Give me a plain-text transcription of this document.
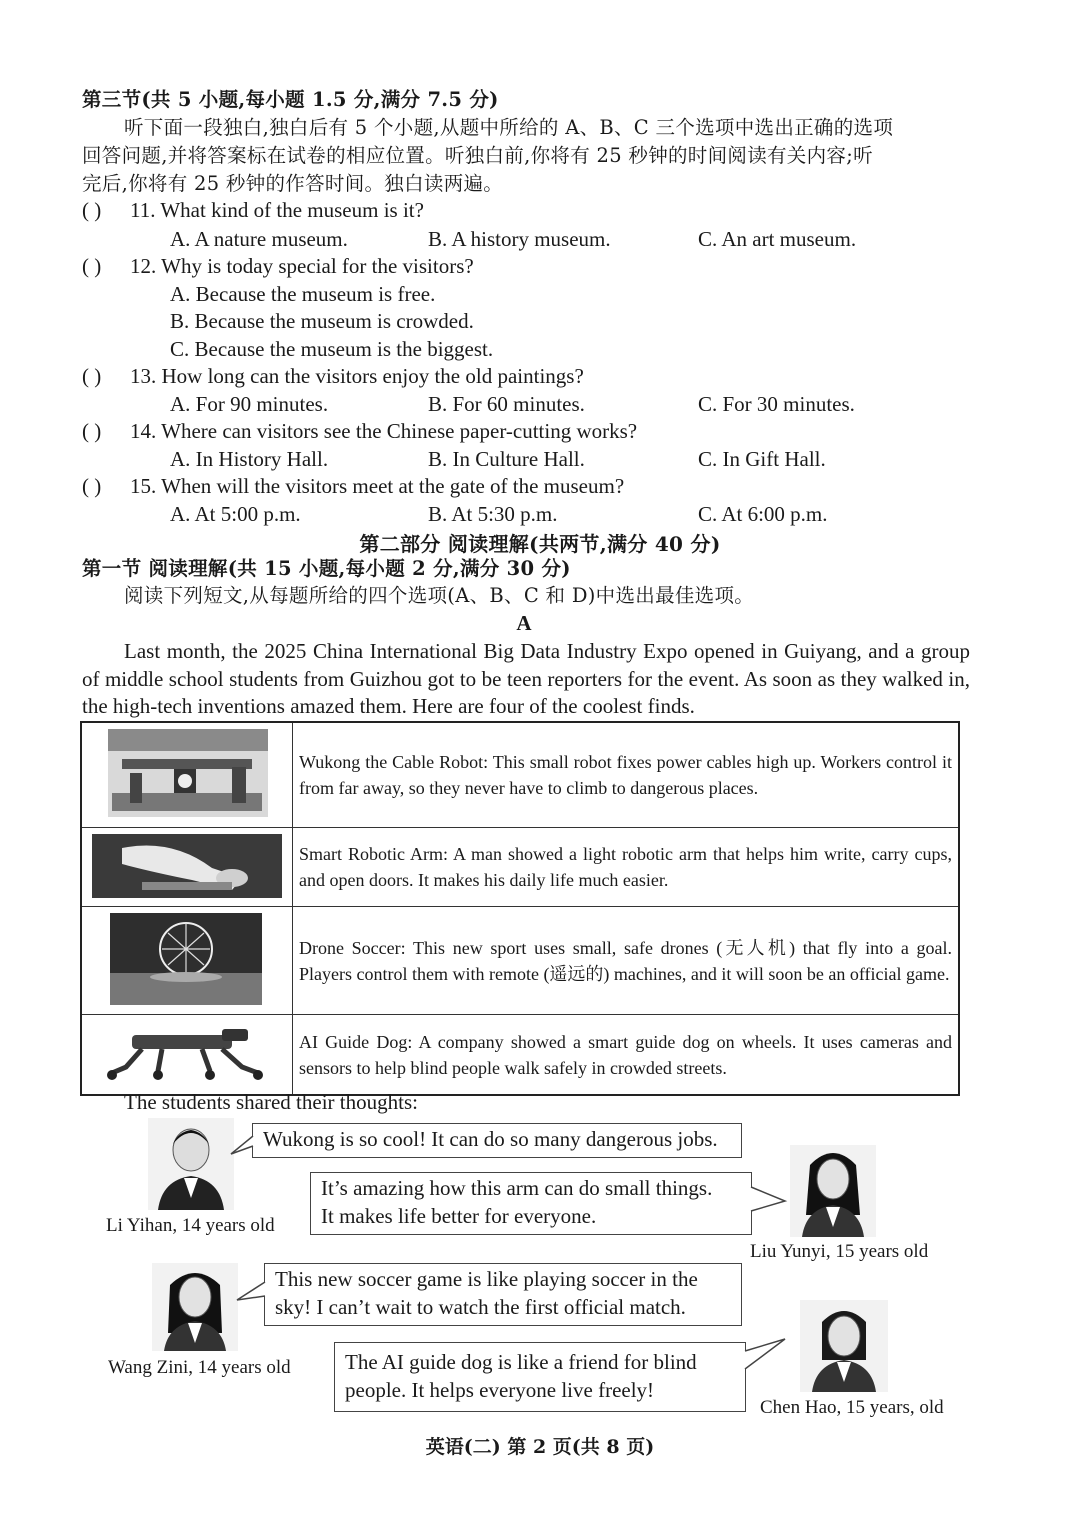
第三节(共 5 小题,每小题 1.5 分,满分 7.5 分)
听下面一段独白,独白后有 5 个小题,从题中所给的 A、B、C 三个选项中选出正确的选项
回答问题,并将答案标在试卷的相应位置。听独白前,你将有 25 秒钟的时间阅读有关内容;听
完后,你将有 25 秒钟的作答时间。独白读两遍。
( ) 11. What kind of the museum is it?
A. A nature museum.	B. A history museum.	C. An art museum.
( ) 12. Why is today special for the visitors?
A. Because the museum is free.
B. Because the museum is crowded.
C. Because the museum is the biggest.
( ) 13. How long can the visitors enjoy the old paintings?
A. For 90 minutes.	B. For 60 minutes.	C. For 30 minutes.
( ) 14. Where can visitors see the Chinese paper-cutting works?
A. In History Hall.	B. In Culture Hall.	C. In Gift Hall.
( ) 15. When will the visitors meet at the gate of the museum?
A. At 5:00 p.m.	B. At 5:30 p.m.	C. At 6:00 p.m.
第二部分 阅读理解(共两节,满分 40 分)
第一节 阅读理解(共 15 小题,每小题 2 分,满分 30 分)
阅读下列短文,从每题所给的四个选项(A、B、C 和 D)中选出最佳选项。
A
Last month, the 2025 China International Big Data Industry Expo opened in Guiyang, and a group of middle school students from Guizhou got to be teen reporters for the event. As soon as they walked in, the high-tech inventions amazed them. Here are four of the coolest finds.
	Wukong the Cable Robot: This small robot fixes power cables high up. Workers control it from far away, so they never have to climb to dangerous places.
	Smart Robotic Arm: A man showed a light robotic arm that helps him write, carry cups, and open doors. It makes his daily life much easier.
	Drone Soccer: This new sport uses small, safe drones (无人机) that fly into a goal. Players control them with remote (遥远的) machines, and it will soon be an official game.
	AI Guide Dog: A company showed a smart guide dog on wheels. It uses cameras and sensors to help blind people walk safely in crowded streets.
The students shared their thoughts:
Li Yihan, 14 years old
Wukong is so cool! It can do so many dangerous jobs.
It’s amazing how this arm can do small things.
It makes life better for everyone.
Liu Yunyi, 15 years old
Wang Zini, 14 years old
This new soccer game is like playing soccer in the
sky! I can’t wait to watch the first official match.
The AI guide dog is like a friend for blind
people. It helps everyone live freely!
Chen Hao, 15 years, old
英语(二) 第 2 页(共 8 页)
